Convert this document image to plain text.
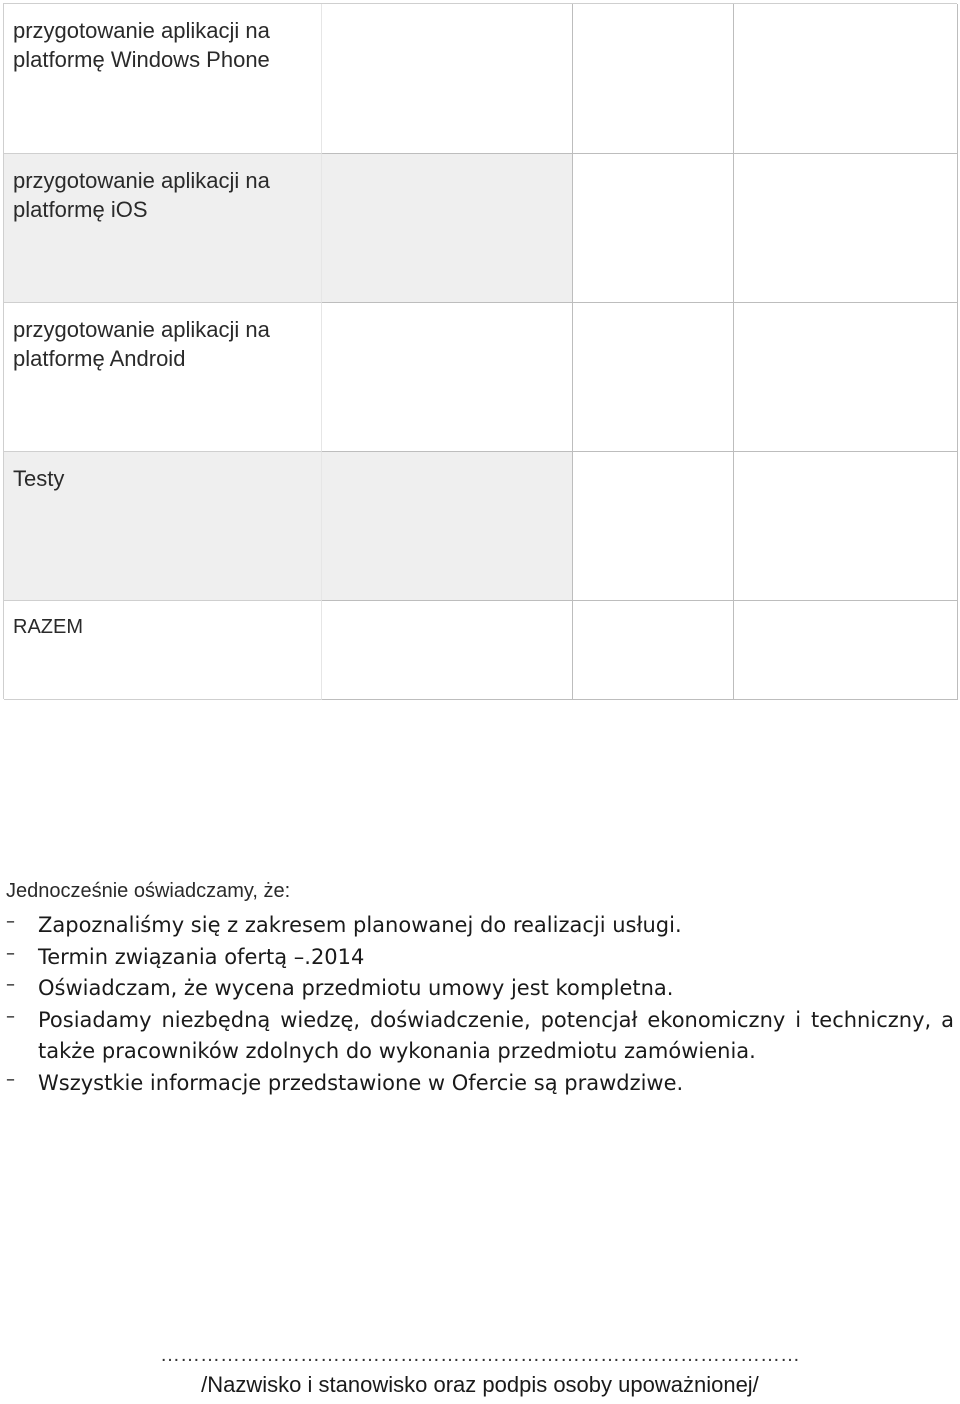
przygotowanie aplikacji na platformę Windows Phone
przygotowanie aplikacji na platformę iOS
przygotowanie aplikacji na platformę Android
Testy
RAZEM

Jednocześnie oświadczamy, że:

– Zapoznaliśmy się z zakresem planowanej do realizacji usługi.
– Termin związania ofertą –.2014
– Oświadczam, że wycena przedmiotu umowy jest kompletna.
– Posiadamy niezbędną wiedzę, doświadczenie, potencjał ekonomiczny i techniczny, a także pracowników zdolnych do wykonania przedmiotu zamówienia.
– Wszystkie informacje przedstawione w Ofercie są prawdziwe.
……………………………………………………………………………………
/Nazwisko i stanowisko oraz podpis osoby upoważnionej/
